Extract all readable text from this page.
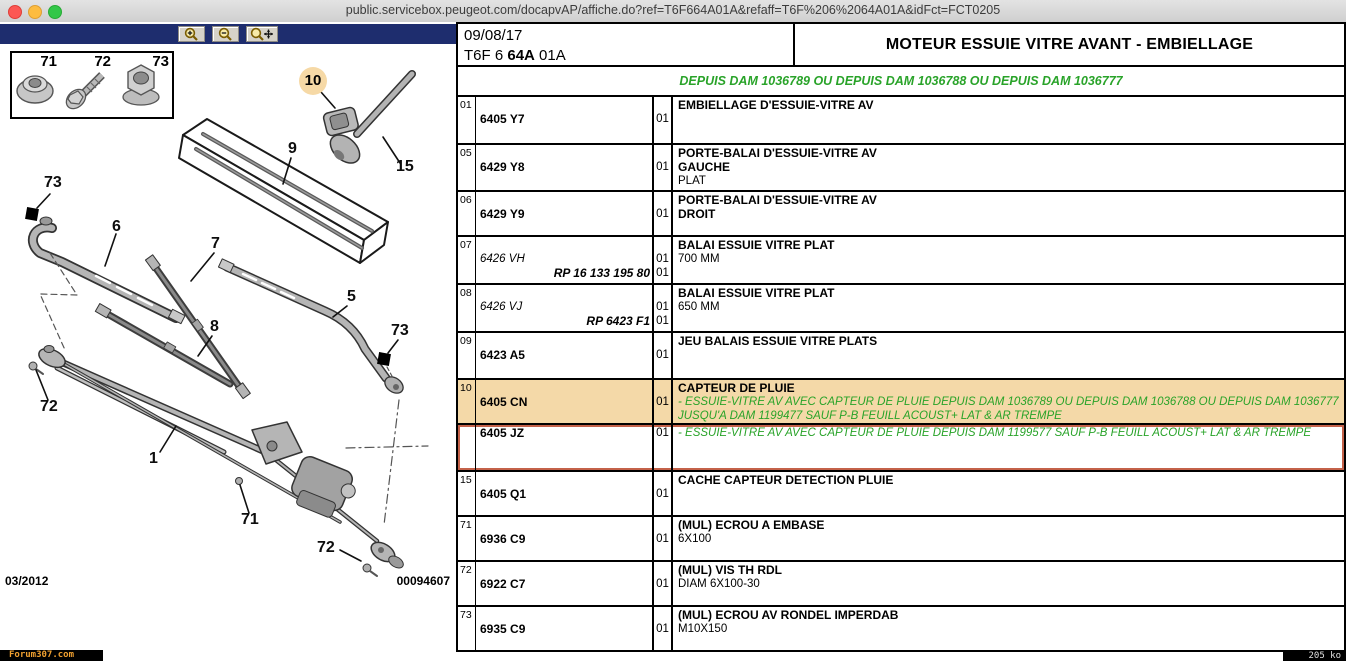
public.servicebox.peugeot.com/docapvAP/affiche.do?ref=T6F664A01A&refaff=T6F%206%2064A01A&idFct=FCT0205
71 72	73
10
73
6
7
9
15
5
8	73
72
1
71
72
03/2012	00094607
09/08/17
T6F 6 64A 01A
MOTEUR ESSUIE VITRE AVANT - EMBIELLAGE
DEPUIS DAM 1036789 OU DEPUIS DAM 1036788 OU DEPUIS DAM 1036777
01
6405 Y7	01
EMBIELLAGE D'ESSUIE-VITRE AV
05
6429 Y8	01
PORTE-BALAI D'ESSUIE-VITRE AV
GAUCHE
PLAT
06
6429 Y9	01
PORTE-BALAI D'ESSUIE-VITRE AV
DROIT
07
6426 VH
RP 16 133 195 80
01
01
BALAI ESSUIE VITRE PLAT
700 MM
08
6426 VJ
RP 6423 F1
01
01
BALAI ESSUIE VITRE PLAT
650 MM
09
6423 A5	01
JEU BALAIS ESSUIE VITRE PLATS
10
6405 CN	01
CAPTEUR DE PLUIE
- ESSUIE-VITRE AV AVEC CAPTEUR DE PLUIE DEPUIS DAM 1036789 OU DEPUIS DAM 1036788 OU DEPUIS DAM 1036777 JUSQU'A DAM 1199477 SAUF P-B FEUILL ACOUST+ LAT & AR TREMPE
6405 JZ	01 - ESSUIE-VITRE AV AVEC CAPTEUR DE PLUIE DEPUIS DAM 1199577 SAUF P-B FEUILL ACOUST+ LAT & AR TREMPE
15
6405 Q1	01
CACHE CAPTEUR DETECTION PLUIE
71
6936 C9	01
(MUL) ECROU A EMBASE
6X100
72
6922 C7	01
(MUL) VIS TH RDL
DIAM 6X100-30
73
6935 C9	01
(MUL) ECROU AV RONDEL IMPERDAB
M10X150
Forum307.com	205 ko
